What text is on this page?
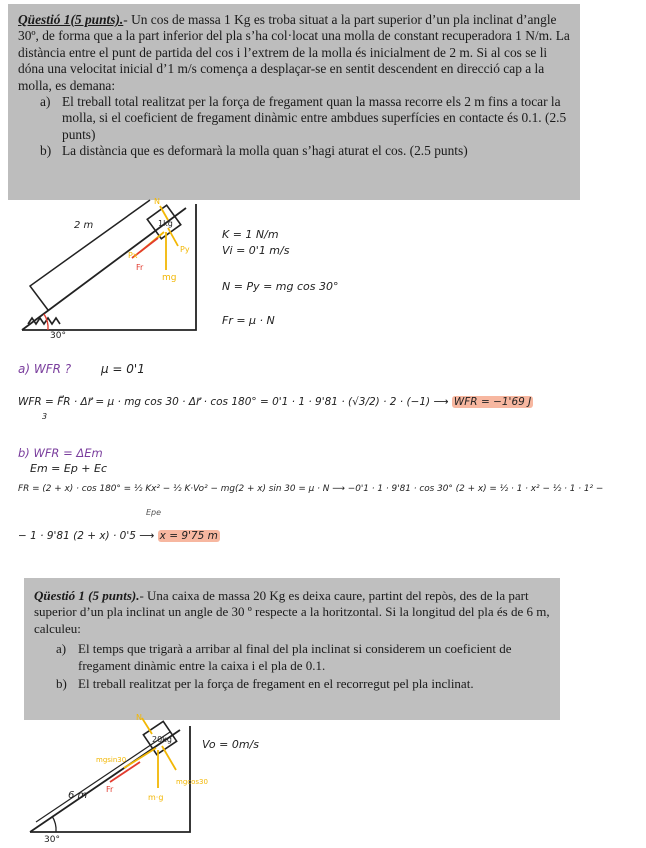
Qüestió 1(5 punts).- Un cos de massa 1 Kg es troba situat a la part superior d’un pla inclinat d’angle 30º, de forma que a la part inferior del pla s’ha col·locat una molla de constant recuperadora 1 N/m. La distància entre el punt de partida del cos i l’extrem de la molla és inicialment de 2 m. Si al cos se li dóna una velocitat inicial d’1 m/s comença a desplaçar-se en sentit descendent en direcció cap a la molla, es demana:
a) El treball total realitzat per la força de fregament quan la massa recorre els 2 m fins a tocar la molla, si el coeficient de fregament dinàmic entre ambdues superfícies en contacte és 0.1. (2.5 punts)
b) La distància que es deformarà la molla quan s’hagi aturat el cos. (2.5 punts)
30°
2 m	1kg
N
mg
Px
Py
Fr
K = 1 N/m
Vi = 0'1 m/s
N = Py = mg cos 30°
Fr = μ · N
a) WFR ? μ = 0'1
WFR = F⃗R · Δr⃗ = μ · mg cos 30 · Δr⃗ · cos 180° = 0'1 · 1 · 9'81 · (√3/2) · 2 · (−1) ⟶ WFR = −1'69 J
3
b) WFR = ΔEm
Em = Ep + Ec
FR = (2 + x) · cos 180° = ½ Kx² − ½ K·Vo² − mg(2 + x) sin 30 = μ · N ⟶ −0'1 · 1 · 9'81 · cos 30° (2 + x) = ½ · 1 · x² − ½ · 1 · 1² −
Epe
− 1 · 9'81 (2 + x) · 0'5 ⟶ x = 9'75 m
Qüestió 1 (5 punts).- Una caixa de massa 20 Kg es deixa caure, partint del repòs, des de la part superior d’un pla inclinat un angle de 30 º respecte a la horitzontal. Si la longitud del pla és de 6 m, calculeu:
a) El temps que trigarà a arribar al final del pla inclinat si considerem un coeficient de fregament dinàmic entre la caixa i el pla de 0.1.
b) El treball realitzat per la força de fregament en el recorregut pel pla inclinat.
30°
6 m
20kg
N
m·g
mgsin30
mgcos30
Fr
Vo = 0m/s
